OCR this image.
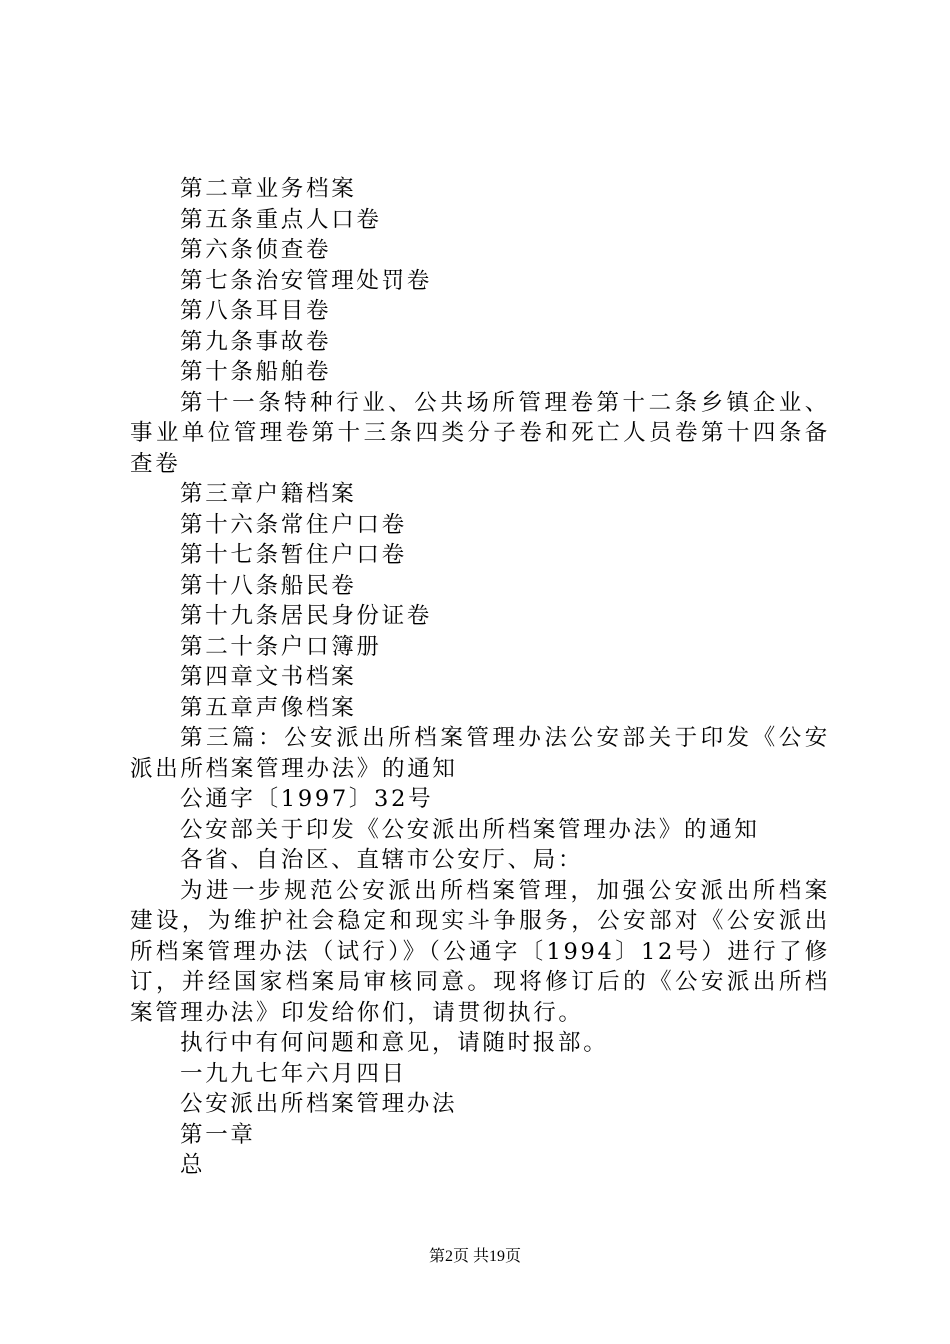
第二章业务档案
第五条重点人口卷
第六条侦查卷
第七条治安管理处罚卷
第八条耳目卷
第九条事故卷
第十条船舶卷
第十一条特种行业、公共场所管理卷第十二条乡镇企业、事业单位管理卷第十三条四类分子卷和死亡人员卷第十四条备查卷
第三章户籍档案
第十六条常住户口卷
第十七条暂住户口卷
第十八条船民卷
第十九条居民身份证卷
第二十条户口簿册
第四章文书档案
第五章声像档案
第三篇：公安派出所档案管理办法公安部关于印发《公安派出所档案管理办法》的通知
公通字〔1997〕32号
公安部关于印发《公安派出所档案管理办法》的通知
各省、自治区、直辖市公安厅、局：
为进一步规范公安派出所档案管理，加强公安派出所档案建设，为维护社会稳定和现实斗争服务，公安部对《公安派出所档案管理办法（试行）》（公通字〔1994〕12号）进行了修订，并经国家档案局审核同意。现将修订后的《公安派出所档案管理办法》印发给你们，请贯彻执行。
执行中有何问题和意见，请随时报部。
一九九七年六月四日
公安派出所档案管理办法
第一章
总
第2页 共19页
